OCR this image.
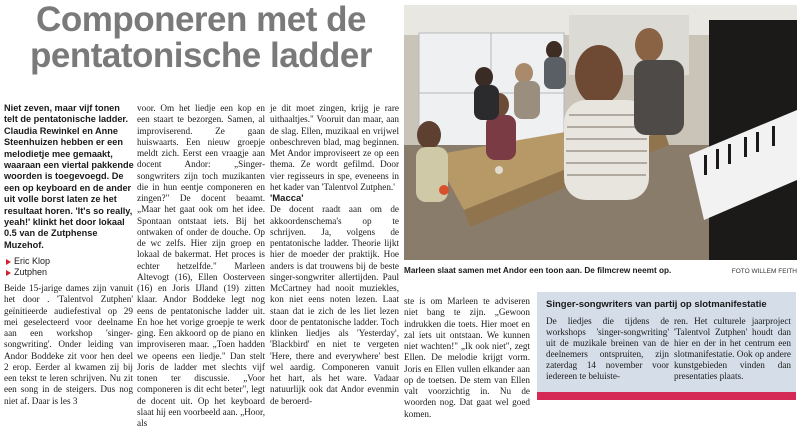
Componeren met de pentatonische ladder

Niet zeven, maar vijf tonen telt de pentatonische ladder. Claudia Rewinkel en Anne Steenhuizen hebben er een melodietje mee gemaakt, waaraan een viertal pakkende woorden is toegevoegd. De een op keyboard en de ander uit volle borst laten ze het resultaat horen. 'It's so really, yeah!' klinkt het door lokaal 0.5 van de Zutphense Muzehof.

Eric Klop
Zutphen

Beide 15-jarige dames zijn vanuit het door . 'Talentvol Zutphen' geïnitieerde audiefestival op 29 mei geselecteerd voor deelname aan een workshop 'singer-songwriting'. Onder leiding van Andor Boddeke zit voor hen deel 2 erop. Eerder al kwamen zij bij een tekst te leren schrijven. Nu zit een song in de steigers. Dus nog niet af. Daar is les 3

voor. Om het liedje een kop en een staart te bezorgen. Samen, al improviserend. Ze gaan huiswaarts. Een nieuw groepje meldt zich. Eerst een vraagje aan docent Andor: „Singer-songwriters zijn toch muzikanten die in hun eentje componeren en zingen?" De docent beaamt. „Maar het gaat ook om het idee. Spontaan ontstaat iets. Bij het ontwaken of onder de douche. Op de wc zelfs. Hier zijn groep en lokaal de bakermat. Het proces is echter hetzelfde." Marleen Altevogt (16), Ellen Oosterveen (16) en Joris IJland (19) zitten klaar. Andor Boddeke legt nog eens de pentatonische ladder uit. En hoe het vorige groepje te werk ging. Een akkoord op de piano en improviseren maar. „Toen hadden we opeens een liedje." Dan stelt Joris de ladder met slechts vijf tonen ter discussie. „Voor componeren is dit echt beter", legt de docent uit. Op het keyboard slaat hij een voorbeeld aan. „Hoor, als

je dit moet zingen, krijg je rare uithaaltjes." Vooruit dan maar, aan de slag. Ellen, muzikaal en vrijwel onbeschreven blad, mag beginnen. Met Andor improviseert ze op een thema. Ze wordt gefilmd. Door vier regisseurs in spe, eveneens in het kader van 'Talentvol Zutphen.'

'Macca'

De docent raadt aan om de akkoordenschema's op te schrijven. Ja, volgens de pentatonische ladder. Theorie lijkt hier de moeder der praktijk. Hoe anders is dat trouwens bij de beste singer-songwriter allertijden. Paul McCartney had nooit muziekles, kon niet eens noten lezen. Laat staan dat ie zich de les liet lezen door de pentatonische ladder. Toch klinken liedjes als 'Yesterday', 'Blackbird' en niet te vergeten 'Here, there and everywhere' best wel aardig. Componeren vanuit het hart, als het ware. Vadaar natuurlijk ook dat Andor evenmin de beroerd-

ste is om Marleen te adviseren niet bang te zijn. „Gewoon indrukken die toets. Hier moet en zal iets uit ontstaan. We kunnen niet wachten!" „Ik ook niet", zegt Ellen. De melodie krijgt vorm. Joris en Ellen vullen elkander aan op de toetsen. De stem van Ellen valt voorzichtig in. Nu de woorden nog. Dat gaat wel goed komen.

Marleen slaat samen met Andor een toon aan. De filmcrew neemt op.	FOTO WILLEM FEITH

Singer-songwriters van partij op slotmanifestatie

De liedjes die tijdens de workshops 'singer-songwriting' uit de muzikale breinen van de deelnemers ontspruiten, zijn zaterdag 14 november voor iedereen te beluiste-

ren. Het culturele jaarproject 'Talentvol Zutphen' houdt dan hier en der in het centrum een slotmanifestatie. Ook op andere kunstgebieden vinden dan presentaties plaats.
